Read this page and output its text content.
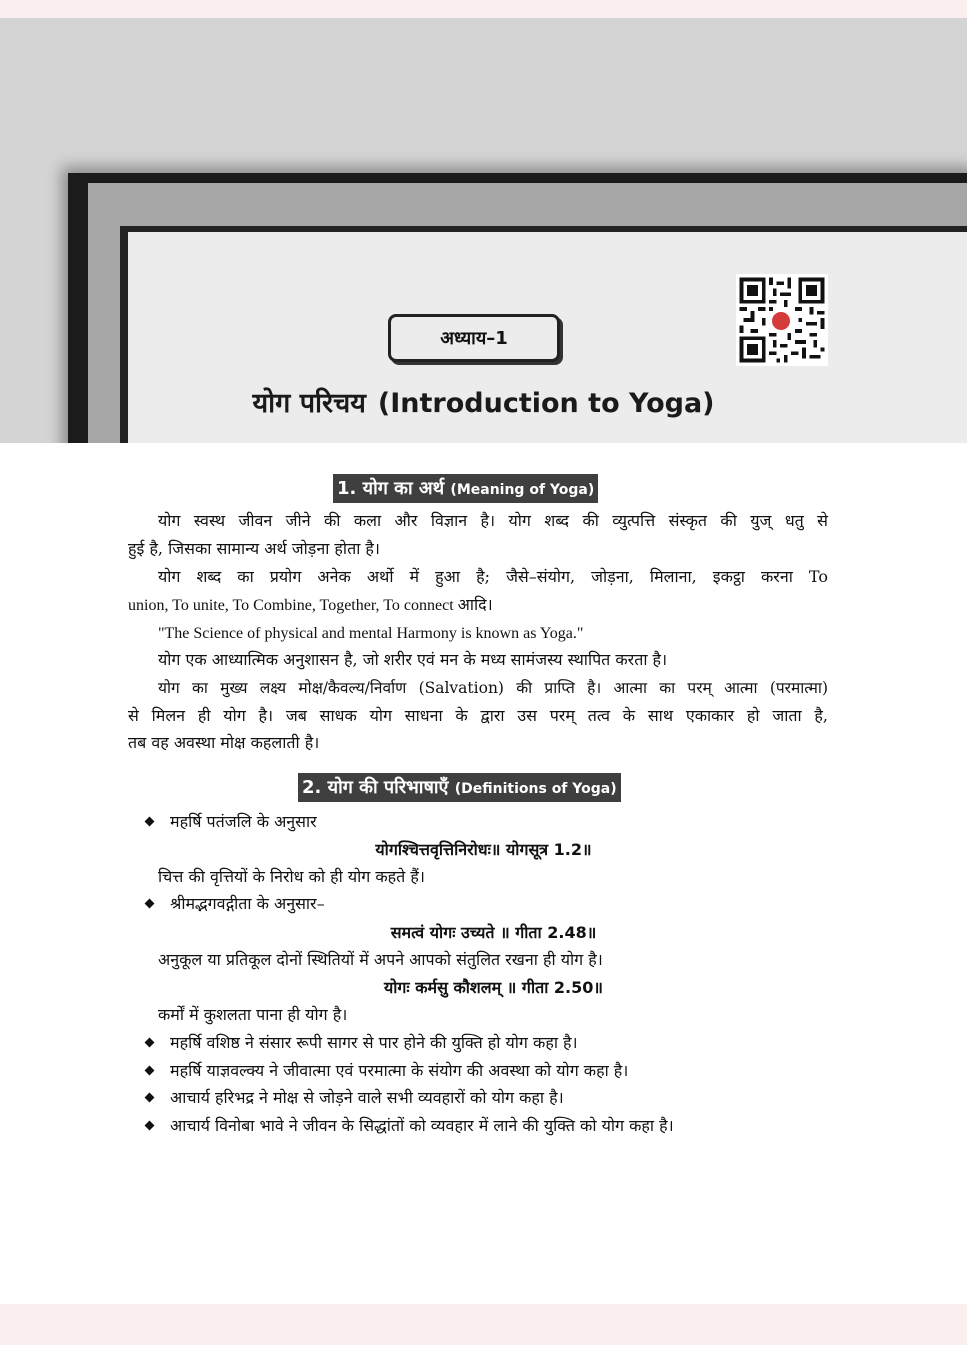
अध्याय–1
योग परिचय (Introduction to Yoga)
1. योग का अर्थ (Meaning of Yoga)
योग स्वस्थ जीवन जीने की कला और विज्ञान है। योग शब्द की व्युत्पत्ति संस्कृत की युज् धतु से
हुई है, जिसका सामान्य अर्थ जोड़ना होता है।
योग शब्द का प्रयोग अनेक अर्थो में हुआ है; जैसे–संयोग, जोड़ना, मिलाना, इकट्ठा करना To
union, To unite, To Combine, Together, To connect आदि।
"The Science of physical and mental Harmony is known as Yoga."
योग एक आध्यात्मिक अनुशासन है, जो शरीर एवं मन के मध्य सामंजस्य स्थापित करता है।
योग का मुख्य लक्ष्य मोक्ष/कैवल्य/निर्वाण (Salvation) की प्राप्ति है। आत्मा का परम् आत्मा (परमात्मा)
से मिलन ही योग है। जब साधक योग साधना के द्वारा उस परम् तत्व के साथ एकाकार हो जाता है,
तब वह अवस्था मोक्ष कहलाती है।
2. योग की परिभाषाएँ (Definitions of Yoga)
महर्षि पतंजलि के अनुसार
योगश्चित्तवृत्तिनिरोधः॥ योगसूत्र 1.2॥
चित्त की वृत्तियों के निरोध को ही योग कहते हैं।
श्रीमद्भगवद्गीता के अनुसार–
समत्वं योगः उच्यते ॥ गीता 2.48॥
अनुकूल या प्रतिकूल दोनों स्थितियों में अपने आपको संतुलित रखना ही योग है।
योगः कर्मसु कौशलम् ॥ गीता 2.50॥
कर्मों में कुशलता पाना ही योग है।
महर्षि वशिष्ठ ने संसार रूपी सागर से पार होने की युक्ति हो योग कहा है।
महर्षि याज्ञवल्क्य ने जीवात्मा एवं परमात्मा के संयोग की अवस्था को योग कहा है।
आचार्य हरिभद्र ने मोक्ष से जोड़ने वाले सभी व्यवहारों को योग कहा है।
आचार्य विनोबा भावे ने जीवन के सिद्धांतों को व्यवहार में लाने की युक्ति को योग कहा है।
